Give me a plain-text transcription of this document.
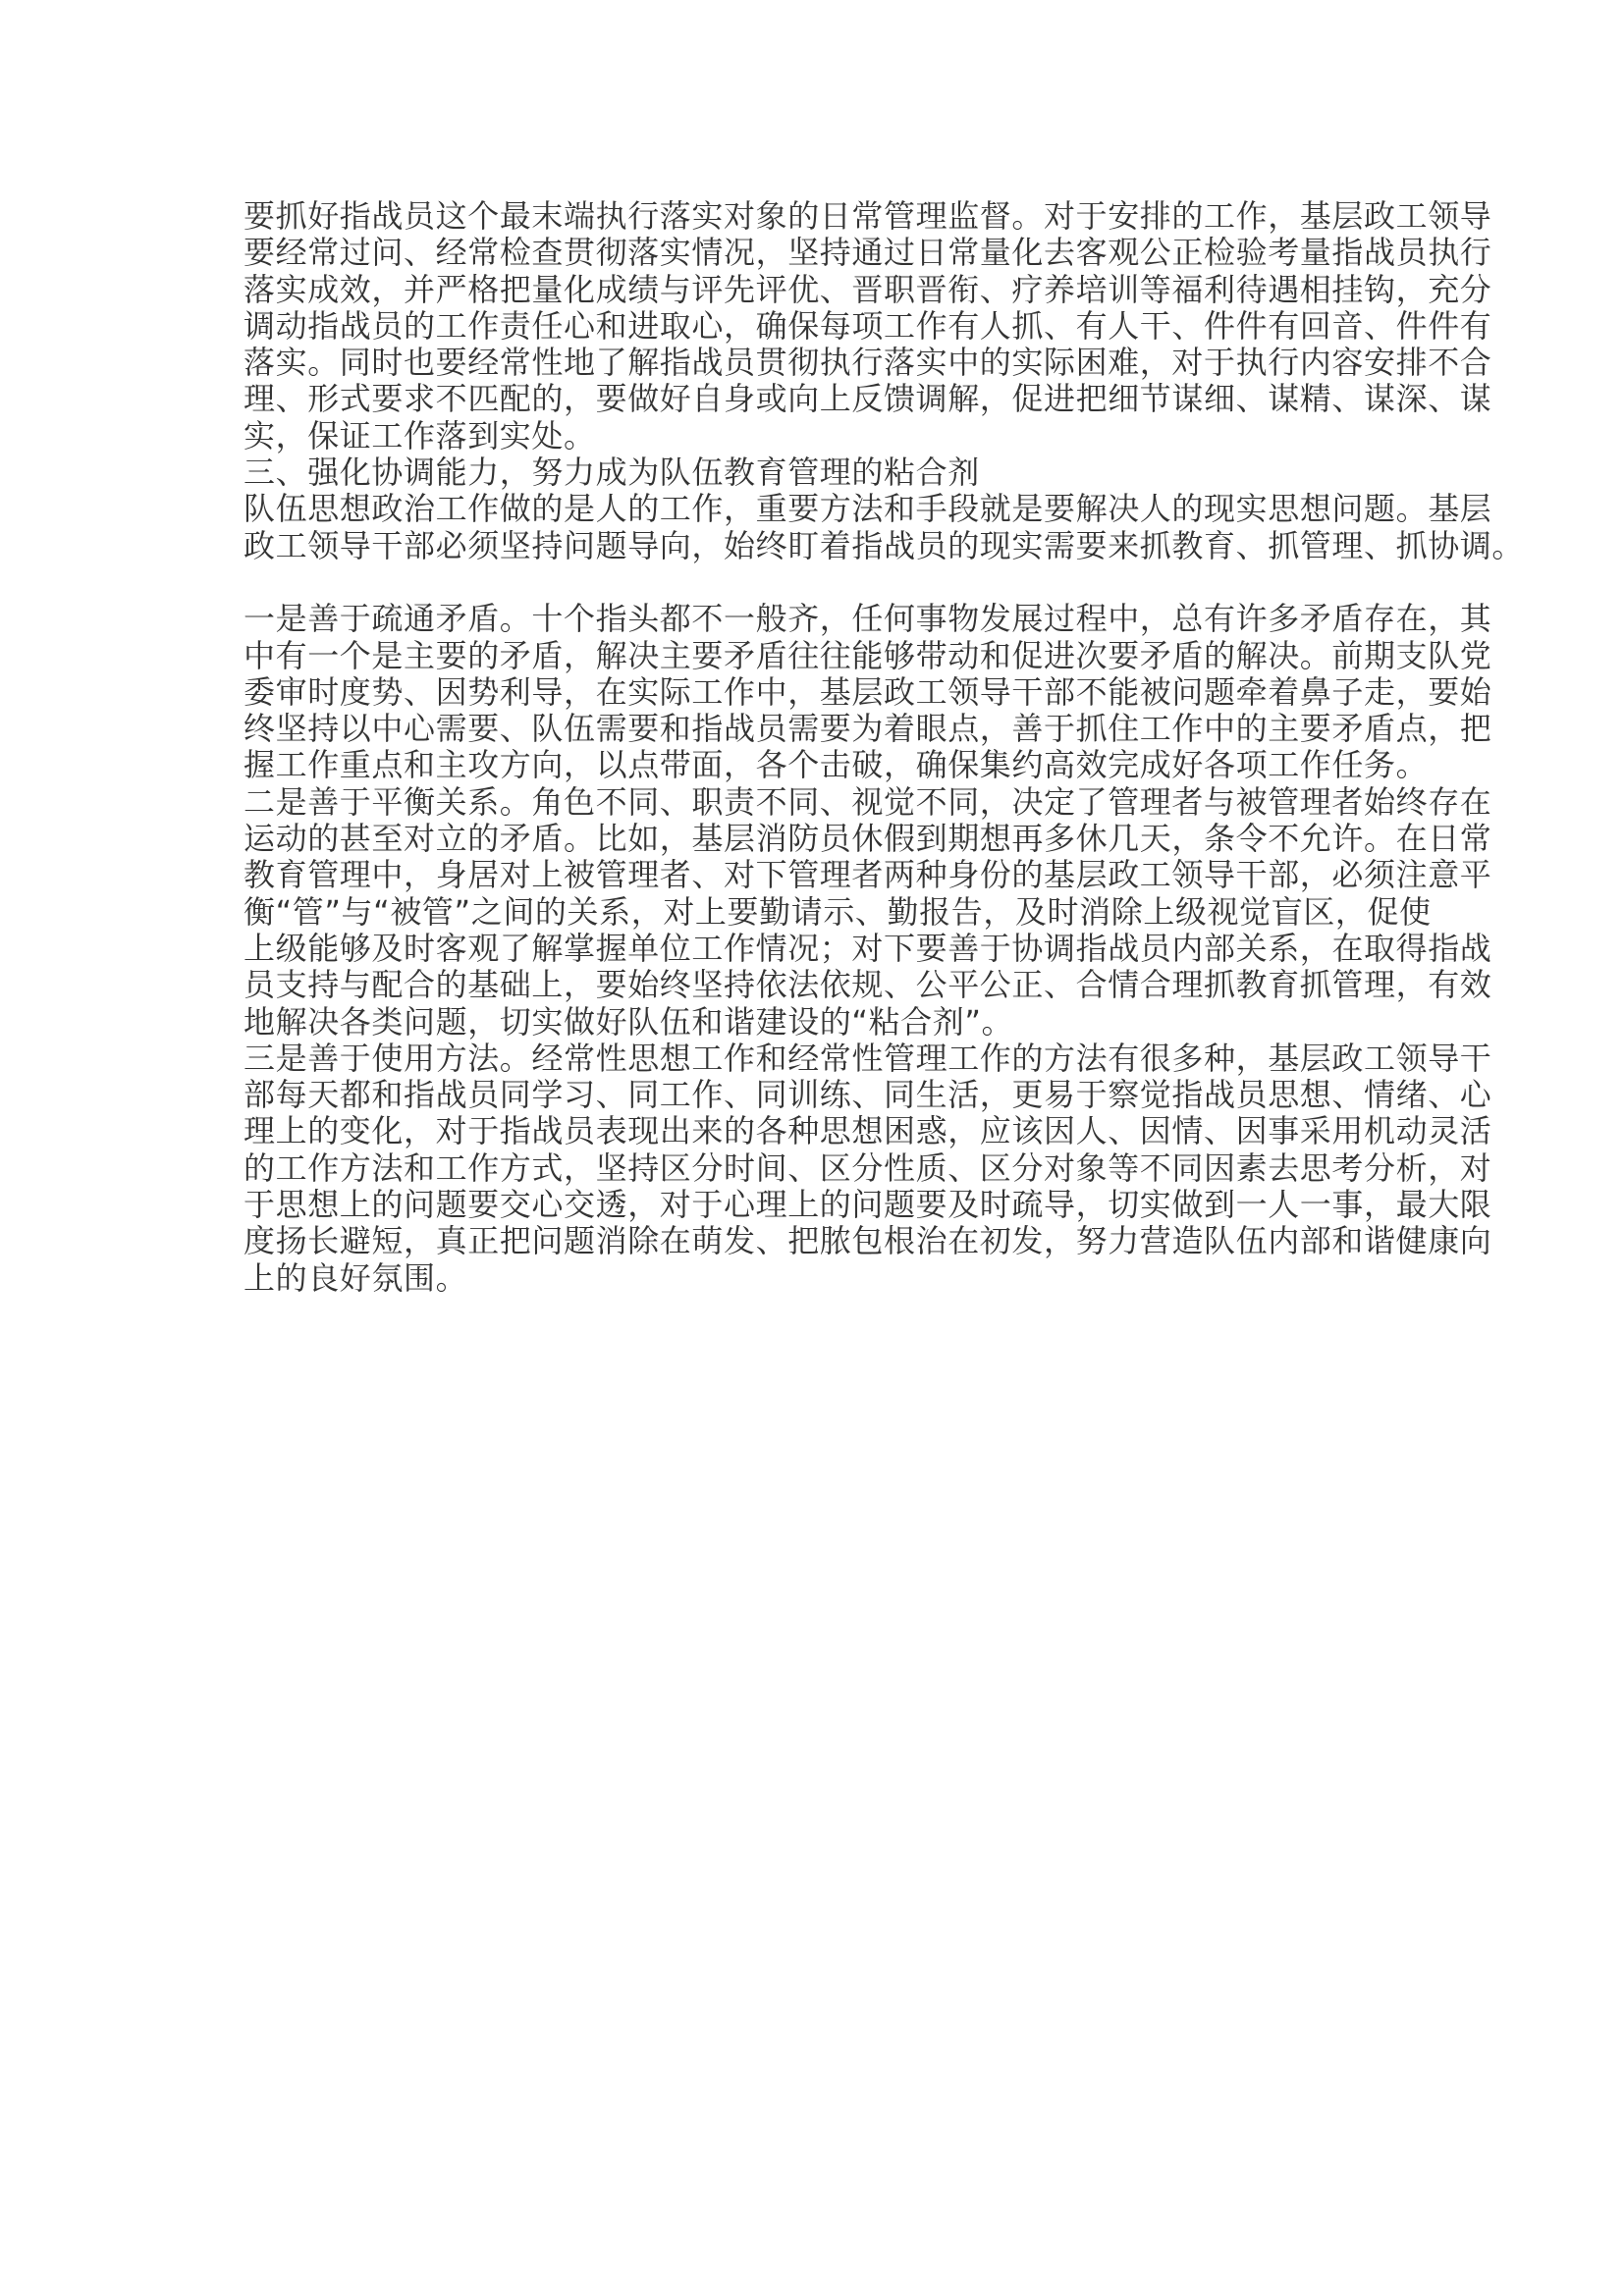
要抓好指战员这个最末端执行落实对象的日常管理监督。对于安排的工作，基层政工领导
要经常过问、经常检查贯彻落实情况，坚持通过日常量化去客观公正检验考量指战员执行
落实成效，并严格把量化成绩与评先评优、晋职晋衔、疗养培训等福利待遇相挂钩，充分
调动指战员的工作责任心和进取心，确保每项工作有人抓、有人干、件件有回音、件件有
落实。同时也要经常性地了解指战员贯彻执行落实中的实际困难，对于执行内容安排不合
理、形式要求不匹配的，要做好自身或向上反馈调解，促进把细节谋细、谋精、谋深、谋
实，保证工作落到实处。
三、强化协调能力，努力成为队伍教育管理的粘合剂
队伍思想政治工作做的是人的工作，重要方法和手段就是要解决人的现实思想问题。基层
政工领导干部必须坚持问题导向，始终盯着指战员的现实需要来抓教育、抓管理、抓协调。
一是善于疏通矛盾。十个指头都不一般齐，任何事物发展过程中，总有许多矛盾存在，其
中有一个是主要的矛盾，解决主要矛盾往往能够带动和促进次要矛盾的解决。前期支队党
委审时度势、因势利导，在实际工作中，基层政工领导干部不能被问题牵着鼻子走，要始
终坚持以中心需要、队伍需要和指战员需要为着眼点，善于抓住工作中的主要矛盾点，把
握工作重点和主攻方向，以点带面，各个击破，确保集约高效完成好各项工作任务。
二是善于平衡关系。角色不同、职责不同、视觉不同，决定了管理者与被管理者始终存在
运动的甚至对立的矛盾。比如，基层消防员休假到期想再多休几天，条令不允许。在日常
教育管理中，身居对上被管理者、对下管理者两种身份的基层政工领导干部，必须注意平
衡“管”与“被管”之间的关系，对上要勤请示、勤报告，及时消除上级视觉盲区，促使
上级能够及时客观了解掌握单位工作情况；对下要善于协调指战员内部关系，在取得指战
员支持与配合的基础上，要始终坚持依法依规、公平公正、合情合理抓教育抓管理，有效
地解决各类问题，切实做好队伍和谐建设的“粘合剂”。
三是善于使用方法。经常性思想工作和经常性管理工作的方法有很多种，基层政工领导干
部每天都和指战员同学习、同工作、同训练、同生活，更易于察觉指战员思想、情绪、心
理上的变化，对于指战员表现出来的各种思想困惑，应该因人、因情、因事采用机动灵活
的工作方法和工作方式，坚持区分时间、区分性质、区分对象等不同因素去思考分析，对
于思想上的问题要交心交透，对于心理上的问题要及时疏导，切实做到一人一事，最大限
度扬长避短，真正把问题消除在萌发、把脓包根治在初发，努力营造队伍内部和谐健康向
上的良好氛围。
